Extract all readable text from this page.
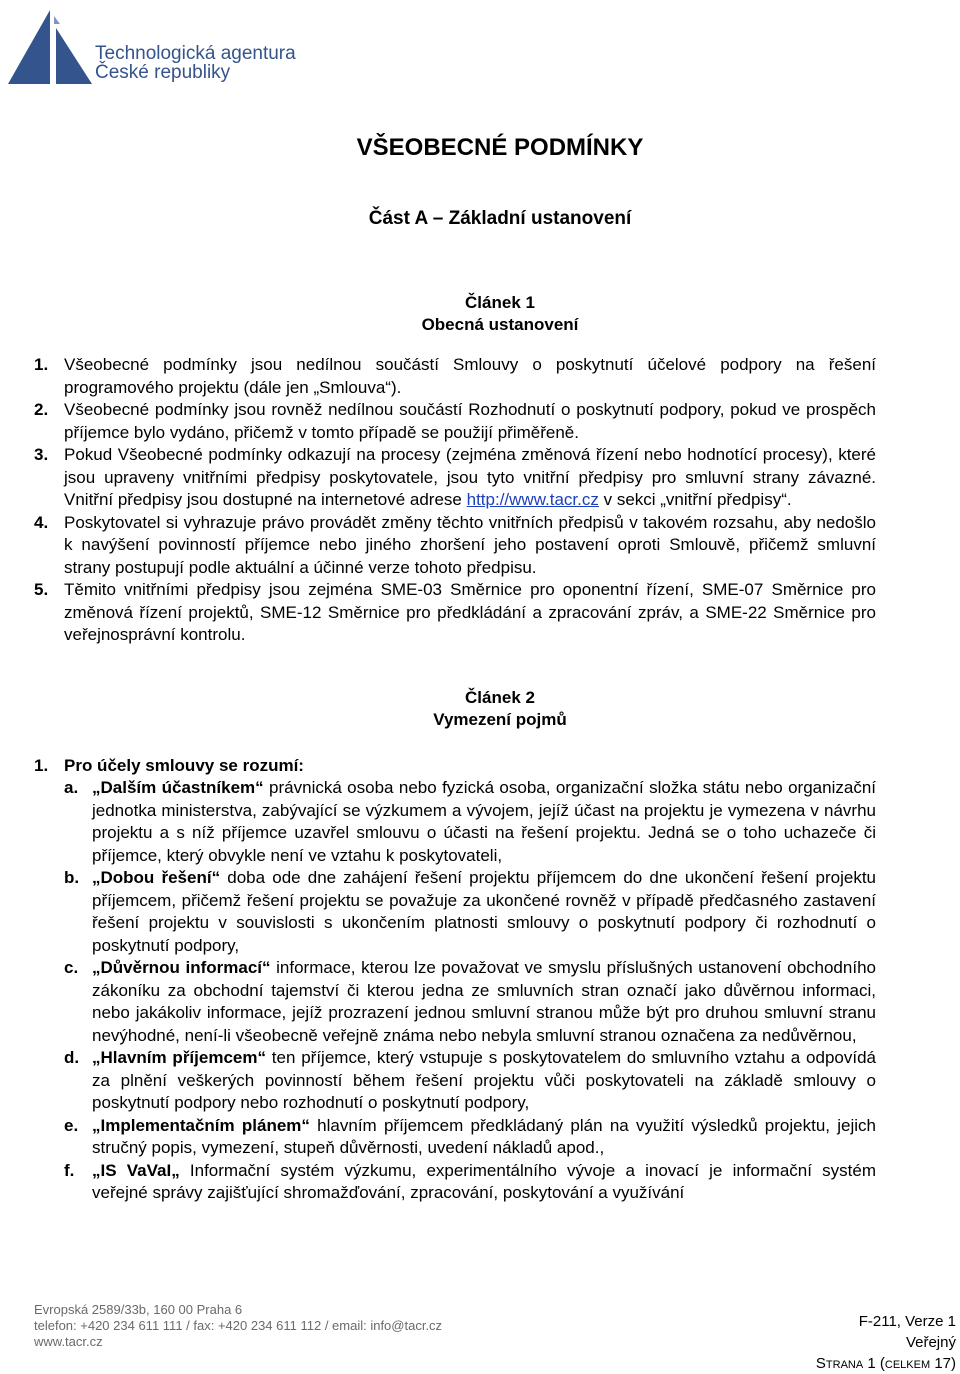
Technologická agentura
České republiky
VŠEOBECNÉ PODMÍNKY
Část A – Základní ustanovení
Článek 1
Obecná ustanovení
1. Všeobecné podmínky jsou nedílnou součástí Smlouvy o poskytnutí účelové podpory na řešení programového projektu (dále jen „Smlouva“).
2. Všeobecné podmínky jsou rovněž nedílnou součástí Rozhodnutí o poskytnutí podpory, pokud ve prospěch příjemce bylo vydáno, přičemž v tomto případě se použijí přiměřeně.
3. Pokud Všeobecné podmínky odkazují na procesy (zejména změnová řízení nebo hodnotící procesy), které jsou upraveny vnitřními předpisy poskytovatele, jsou tyto vnitřní předpisy pro smluvní strany závazné. Vnitřní předpisy jsou dostupné na internetové adrese http://www.tacr.cz v sekci „vnitřní předpisy“.
4. Poskytovatel si vyhrazuje právo provádět změny těchto vnitřních předpisů v takovém rozsahu, aby nedošlo k navýšení povinností příjemce nebo jiného zhoršení jeho postavení oproti Smlouvě, přičemž smluvní strany postupují podle aktuální a účinné verze tohoto předpisu.
5. Těmito vnitřními předpisy jsou zejména SME-03 Směrnice pro oponentní řízení, SME-07 Směrnice pro změnová řízení projektů, SME-12 Směrnice pro předkládání a zpracování zpráv, a SME-22 Směrnice pro veřejnosprávní kontrolu.
Článek 2
Vymezení pojmů
1. Pro účely smlouvy se rozumí:
a. „Dalším účastníkem“ právnická osoba nebo fyzická osoba, organizační složka státu nebo organizační jednotka ministerstva, zabývající se výzkumem a vývojem, jejíž účast na projektu je vymezena v návrhu projektu a s níž příjemce uzavřel smlouvu o účasti na řešení projektu. Jedná se o toho uchazeče či příjemce, který obvykle není ve vztahu k poskytovateli,
b. „Dobou řešení“ doba ode dne zahájení řešení projektu příjemcem do dne ukončení řešení projektu příjemcem, přičemž řešení projektu se považuje za ukončené rovněž v případě předčasného zastavení řešení projektu v souvislosti s ukončením platnosti smlouvy o poskytnutí podpory či rozhodnutí o poskytnutí podpory,
c. „Důvěrnou informací“ informace, kterou lze považovat ve smyslu příslušných ustanovení obchodního zákoníku za obchodní tajemství či kterou jedna ze smluvních stran označí jako důvěrnou informaci, nebo jakákoliv informace, jejíž prozrazení jednou smluvní stranou může být pro druhou smluvní stranu nevýhodné, není-li všeobecně veřejně známa nebo nebyla smluvní stranou označena za nedůvěrnou,
d. „Hlavním příjemcem“ ten příjemce, který vstupuje s poskytovatelem do smluvního vztahu a odpovídá za plnění veškerých povinností během řešení projektu vůči poskytovateli na základě smlouvy o poskytnutí podpory nebo rozhodnutí o poskytnutí podpory,
e. „Implementačním plánem“ hlavním příjemcem předkládaný plán na využití výsledků projektu, jejich stručný popis, vymezení, stupeň důvěrnosti, uvedení nákladů apod.,
f. „IS VaVaI„ Informační systém výzkumu, experimentálního vývoje a inovací je informační systém veřejné správy zajišťující shromažďování, zpracování, poskytování a využívání
Evropská 2589/33b, 160 00 Praha 6
telefon: +420 234 611 111 / fax: +420 234 611 112 / email: info@tacr.cz
www.tacr.cz
F-211, Verze 1
Veřejný
Strana 1 (celkem 17)
